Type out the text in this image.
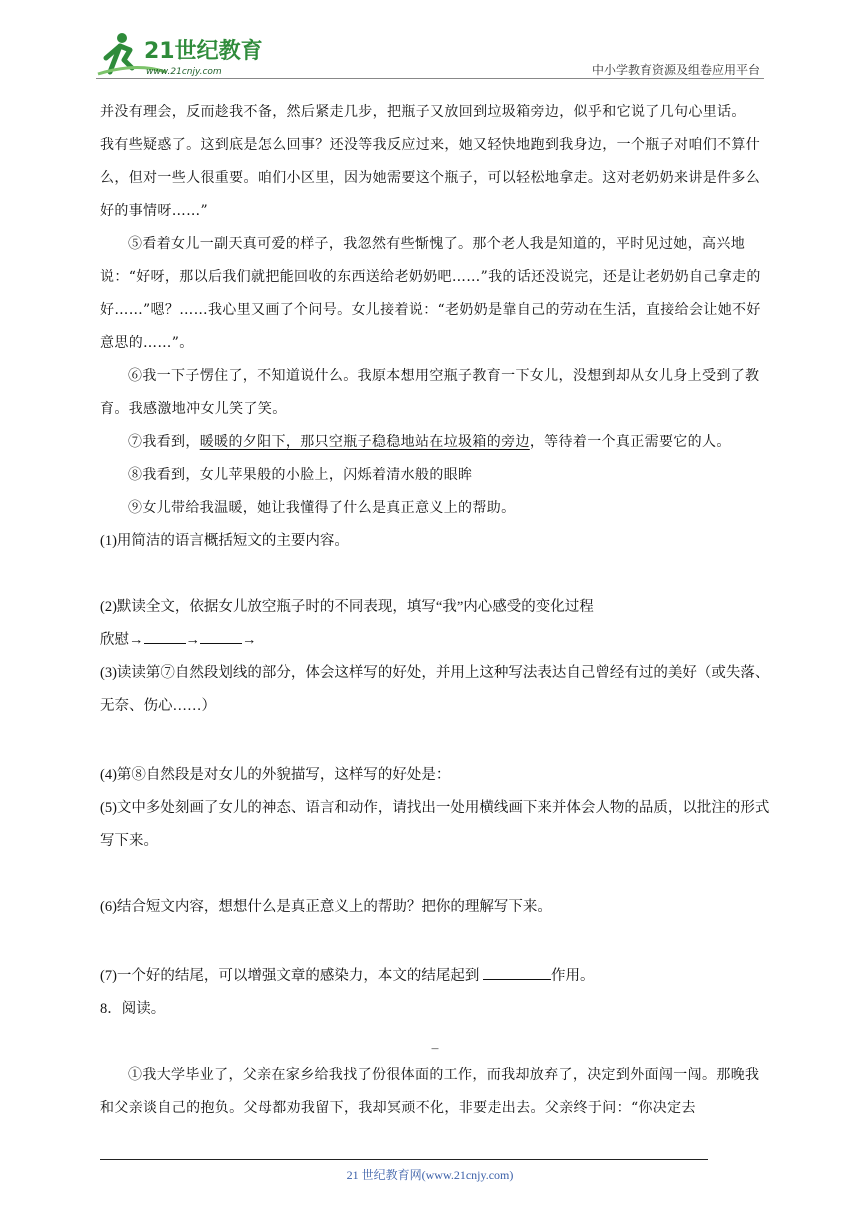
21世纪教育
www.21cnjy.com	中小学教育资源及组卷应用平台

并没有理会，反而趁我不备，然后紧走几步，把瓶子又放回到垃圾箱旁边，似乎和它说了几句心里话。

我有些疑惑了。这到底是怎么回事？还没等我反应过来，她又轻快地跑到我身边，一个瓶子对咱们不算什么，但对一些人很重要。咱们小区里，因为她需要这个瓶子，可以轻松地拿走。这对老奶奶来讲是件多么好的事情呀……”

⑤看着女儿一副天真可爱的样子，我忽然有些惭愧了。那个老人我是知道的，平时见过她，高兴地说：“好呀，那以后我们就把能回收的东西送给老奶奶吧……”我的话还没说完，还是让老奶奶自己拿走的好……”嗯？……我心里又画了个问号。女儿接着说：“老奶奶是靠自己的劳动在生活，直接给会让她不好意思的……”。

⑥我一下子愣住了，不知道说什么。我原本想用空瓶子教育一下女儿，没想到却从女儿身上受到了教育。我感激地冲女儿笑了笑。

⑦我看到，暖暖的夕阳下，那只空瓶子稳稳地站在垃圾箱的旁边，等待着一个真正需要它的人。

⑧我看到，女儿苹果般的小脸上，闪烁着清水般的眼眸

⑨女儿带给我温暖，她让我懂得了什么是真正意义上的帮助。

(1)用简洁的语言概括短文的主要内容。

(2)默读全文，依据女儿放空瓶子时的不同表现，填写“我”内心感受的变化过程

欣慰→	→	→

(3)读读第⑦自然段划线的部分，体会这样写的好处，并用上这种写法表达自己曾经有过的美好（或失落、无奈、伤心……）

(4)第⑧自然段是对女儿的外貌描写，这样写的好处是：

(5)文中多处刻画了女儿的神态、语言和动作，请找出一处用横线画下来并体会人物的品质，以批注的形式写下来。

(6)结合短文内容，想想什么是真正意义上的帮助？把你的理解写下来。

(7)一个好的结尾，可以增强文章的感染力，本文的结尾起到	作用。

8．阅读。

_

①我大学毕业了，父亲在家乡给我找了份很体面的工作，而我却放弃了，决定到外面闯一闯。那晚我和父亲谈自己的抱负。父母都劝我留下，我却冥顽不化，非要走出去。父亲终于问：“你决定去

21 世纪教育网(www.21cnjy.com)
